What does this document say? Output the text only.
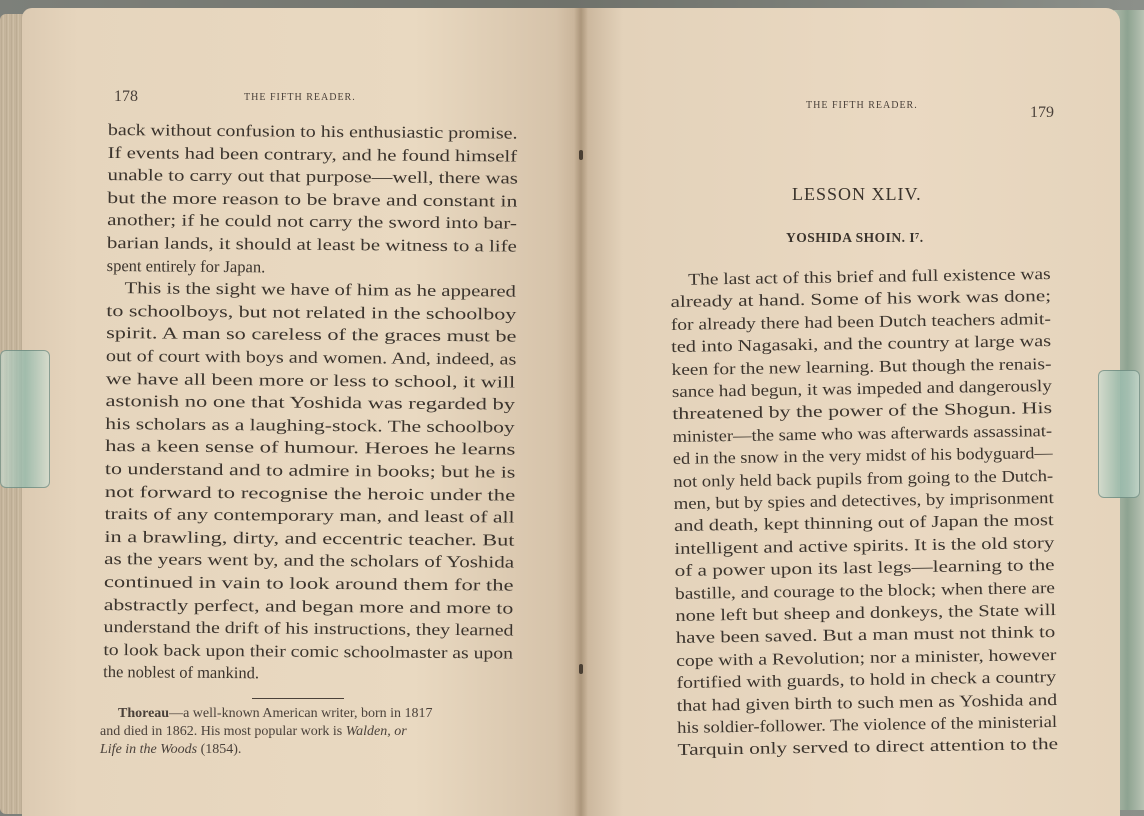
178	THE FIFTH READER.
back without confusion to his enthusiastic promise.
If events had been contrary, and he found himself
unable to carry out that purpose—well, there was
but the more reason to be brave and constant in
another; if he could not carry the sword into bar-
barian lands, it should at least be witness to a life
spent entirely for Japan.
This is the sight we have of him as he appeared
to schoolboys, but not related in the schoolboy
spirit. A man so careless of the graces must be
out of court with boys and women. And, indeed, as
we have all been more or less to school, it will
astonish no one that Yoshida was regarded by
his scholars as a laughing-stock. The schoolboy
has a keen sense of humour. Heroes he learns
to understand and to admire in books; but he is
not forward to recognise the heroic under the
traits of any contemporary man, and least of all
in a brawling, dirty, and eccentric teacher. But
as the years went by, and the scholars of Yoshida
continued in vain to look around them for the
abstractly perfect, and began more and more to
understand the drift of his instructions, they learned
to look back upon their comic schoolmaster as upon
the noblest of mankind.
Thoreau—a well-known American writer, born in 1817
and died in 1862. His most popular work is Walden, or
Life in the Woods (1854).
THE FIFTH READER.	179
LESSON XLIV.
YOSHIDA SHOIN. I⁷.
The last act of this brief and full existence was
already at hand. Some of his work was done;
for already there had been Dutch teachers admit-
ted into Nagasaki, and the country at large was
keen for the new learning. But though the renais-
sance had begun, it was impeded and dangerously
threatened by the power of the Shogun. His
minister—the same who was afterwards assassinat-
ed in the snow in the very midst of his bodyguard—
not only held back pupils from going to the Dutch-
men, but by spies and detectives, by imprisonment
and death, kept thinning out of Japan the most
intelligent and active spirits. It is the old story
of a power upon its last legs—learning to the
bastille, and courage to the block; when there are
none left but sheep and donkeys, the State will
have been saved. But a man must not think to
cope with a Revolution; nor a minister, however
fortified with guards, to hold in check a country
that had given birth to such men as Yoshida and
his soldier-follower. The violence of the ministerial
Tarquin only served to direct attention to the
